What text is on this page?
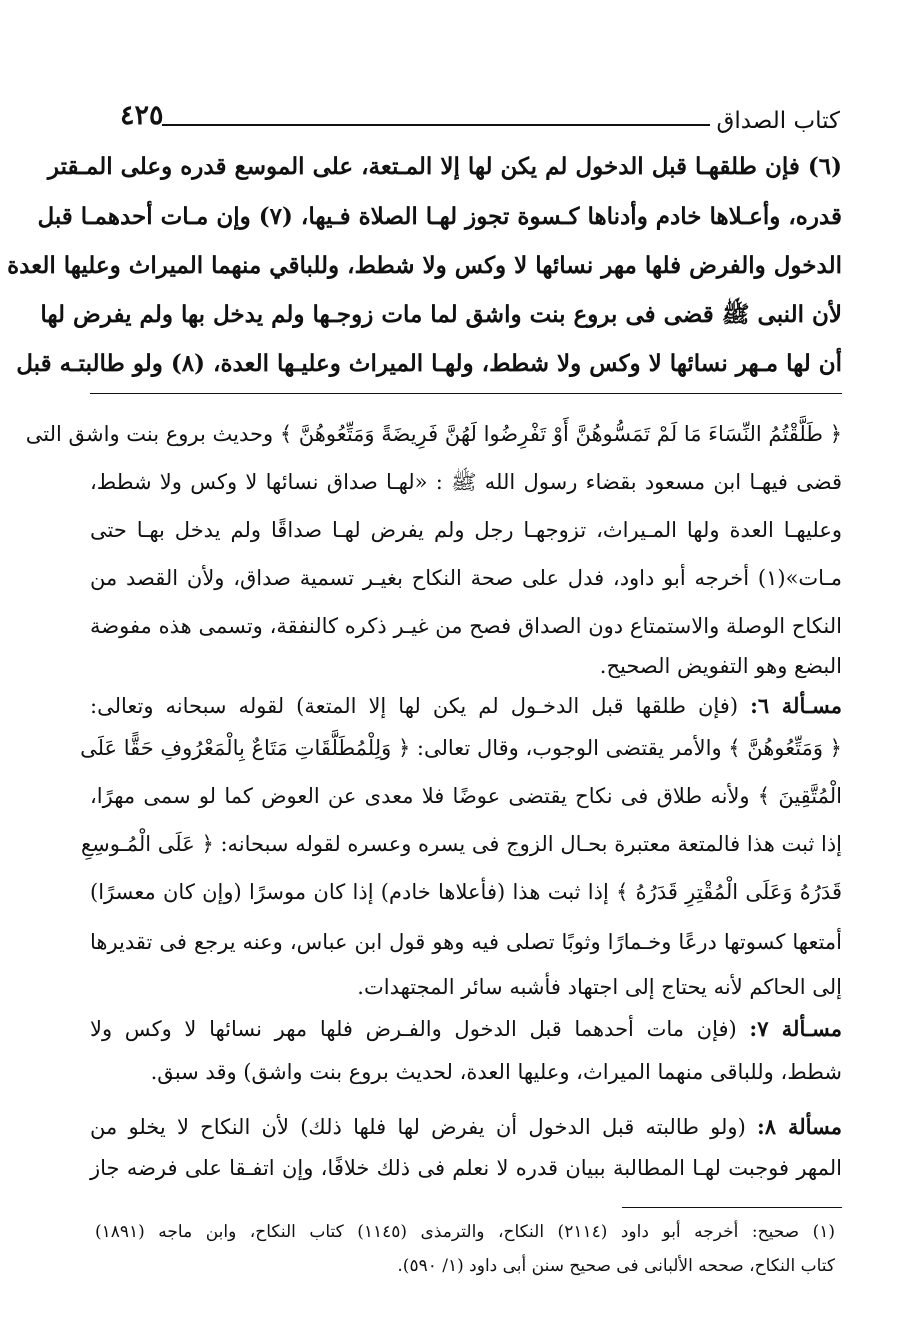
كتاب الصداق
٤٢٥
(٦) فإن طلقهـا قبل الدخول لم يكن لها إلا المـتعة، على الموسع قدره وعلى المـقتر
قدره، وأعـلاها خادم وأدناها كـسوة تجوز لهـا الصلاة فـيها، (٧) وإن مـات أحدهمـا قبل
الدخول والفرض فلها مهر نسائها لا وكس ولا شطط، وللباقي منهما الميراث وعليها العدة
لأن النبى ﷺ قضى فى بروع بنت واشق لما مات زوجـها ولم يدخل بها ولم يفرض لها
أن لها مـهر نسائها لا وكس ولا شطط، ولهـا الميراث وعليـها العدة، (٨) ولو طالبتـه قبل
﴿ طَلَّقْتُمُ النِّسَاءَ مَا لَمْ تَمَسُّوهُنَّ أَوْ تَفْرِضُوا لَهُنَّ فَرِيضَةً وَمَتِّعُوهُنَّ ﴾ وحديث بروع بنت واشق التى
قضى فيهـا ابن مسعود بقضاء رسول الله ﷺ : «لهـا صداق نسائها لا وكس ولا شطط،
وعليهـا العدة ولها المـيراث، تزوجهـا رجل ولم يفرض لهـا صداقًا ولم يدخل بهـا حتى
مـات»(١) أخرجه أبو داود، فدل على صحة النكاح بغيـر تسمية صداق، ولأن القصد من
النكاح الوصلة والاستمتاع دون الصداق فصح من غيـر ذكره كالنفقة، وتسمى هذه مفوضة
البضع وهو التفويض الصحيح.
مسـألة ٦: (فإن طلقها قبل الدخـول لم يكن لها إلا المتعة) لقوله سبحانه وتعالى:
﴿ وَمَتِّعُوهُنَّ ﴾ والأمر يقتضى الوجوب، وقال تعالى: ﴿ وَلِلْمُطَلَّقَاتِ مَتَاعٌ بِالْمَعْرُوفِ حَقًّا عَلَى
الْمُتَّقِينَ ﴾ ولأنه طلاق فى نكاح يقتضى عوضًا فلا معدى عن العوض كما لو سمى مهرًا،
إذا ثبت هذا فالمتعة معتبرة بحـال الزوج فى يسره وعسره لقوله سبحانه: ﴿ عَلَى الْمُـوسِعِ
قَدَرُهُ وَعَلَى الْمُقْتِرِ قَدَرُهُ ﴾ إذا ثبت هذا (فأعلاها خادم) إذا كان موسرًا (وإن كان معسرًا)
أمتعها كسوتها درعًا وخـمارًا وثوبًا تصلى فيه وهو قول ابن عباس، وعنه يرجع فى تقديرها
إلى الحاكم لأنه يحتاج إلى اجتهاد فأشبه سائر المجتهدات.
مسـألة ٧: (فإن مات أحدهما قبل الدخول والفـرض فلها مهر نسائها لا وكس ولا
شطط، وللباقى منهما الميراث، وعليها العدة، لحديث بروع بنت واشق) وقد سبق.
مسألة ٨: (ولو طالبته قبل الدخول أن يفرض لها فلها ذلك) لأن النكاح لا يخلو من
المهر فوجبت لهـا المطالبة ببيان قدره لا نعلم فى ذلك خلافًا، وإن اتفـقا على فرضه جاز
(١) صحيح: أخرجه أبو داود (٢١١٤) النكاح، والترمذى (١١٤٥) كتاب النكاح، وابن ماجه (١٨٩١)
كتاب النكاح، صححه الألبانى فى صحيح سنن أبى داود (١/ ٥٩٠).
